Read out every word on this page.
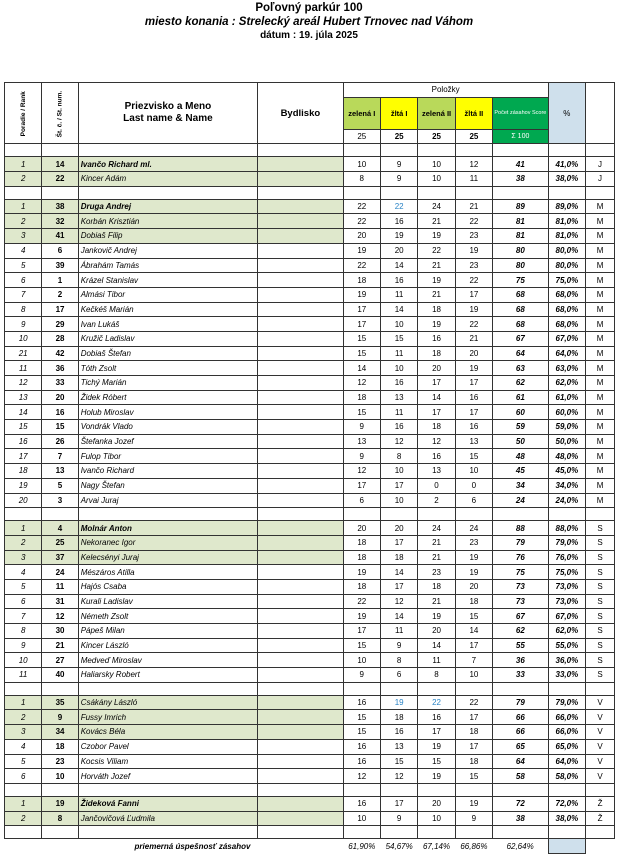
Poľovný parkúr 100
miesto konania : Strelecký areál Hubert Trnovec nad Váhom
dátum : 19. júla 2025
Poradie / Rank	Št. č. / St. num.	Priezvisko a Meno
Last name & Name	Bydlisko	Položky					%	
				zelená I	žltá I	zelená II	žltá II	Počet zásahov Score		
				25	25	25	25	Σ 100		

1	14	Ivančo Richard ml.		10	9	10	12	41	41,0%	J
2	22	Kincer Adám		8	9	10	11	38	38,0%	J

1	38	Druga Andrej		22	22	24	21	89	89,0%	M
2	32	Korbán Krisztián		22	16	21	22	81	81,0%	M
3	41	Dobiaš Filip		20	19	19	23	81	81,0%	M
4	6	Jankovič Andrej		19	20	22	19	80	80,0%	M
5	39	Ábrahám Tamás		22	14	21	23	80	80,0%	M
6	1	Krázel Stanislav		18	16	19	22	75	75,0%	M
7	2	Almási Tibor		19	11	21	17	68	68,0%	M
8	17	Kečkéš Marián		17	14	18	19	68	68,0%	M
9	29	Ivan Lukáš		17	10	19	22	68	68,0%	M
10	28	Kružič Ladislav		15	15	16	21	67	67,0%	M
21	42	Dobiaš Štefan		15	11	18	20	64	64,0%	M
11	36	Tóth Zsolt		14	10	20	19	63	63,0%	M
12	33	Tichý Marián		12	16	17	17	62	62,0%	M
13	20	Židek Róbert		18	13	14	16	61	61,0%	M
14	16	Holub Miroslav		15	11	17	17	60	60,0%	M
15	15	Vondrák Vlado		9	16	18	16	59	59,0%	M
16	26	Štefanka Jozef		13	12	12	13	50	50,0%	M
17	7	Fulop Tibor		9	8	16	15	48	48,0%	M
18	13	Ivančo Richard		12	10	13	10	45	45,0%	M
19	5	Nagy Štefan		17	17	0	0	34	34,0%	M
20	3	Arvai Juraj		6	10	2	6	24	24,0%	M

1	4	Molnár Anton		20	20	24	24	88	88,0%	S
2	25	Nekoranec Igor		18	17	21	23	79	79,0%	S
3	37	Kelecsényi Juraj		18	18	21	19	76	76,0%	S
4	24	Mészáros Atilla		19	14	23	19	75	75,0%	S
5	11	Hajós Csaba		18	17	18	20	73	73,0%	S
6	31	Kurali Ladislav		22	12	21	18	73	73,0%	S
7	12	Németh Zsolt		19	14	19	15	67	67,0%	S
8	30	Pápeš Milan		17	11	20	14	62	62,0%	S
9	21	Kincer László		15	9	14	17	55	55,0%	S
10	27	Medveď Miroslav		10	8	11	7	36	36,0%	S
11	40	Haliarsky Robert		9	6	8	10	33	33,0%	S

1	35	Csákány László		16	19	22	22	79	79,0%	V
2	9	Fussy Imrich		15	18	16	17	66	66,0%	V
3	34	Kovács Béla		15	16	17	18	66	66,0%	V
4	18	Czobor Pavel		16	13	19	17	65	65,0%	V
5	23	Kocsis Viliam		16	15	15	18	64	64,0%	V
6	10	Horváth Jozef		12	12	19	15	58	58,0%	V

1	19	Žideková Fanni		16	17	20	19	72	72,0%	Ž
2	8	Jančovičová Ľudmila		10	9	10	9	38	38,0%	Ž

	priemerná úspešnosť zásahov			61,90%	54,67%	67,14%	66,86%	62,64%		
